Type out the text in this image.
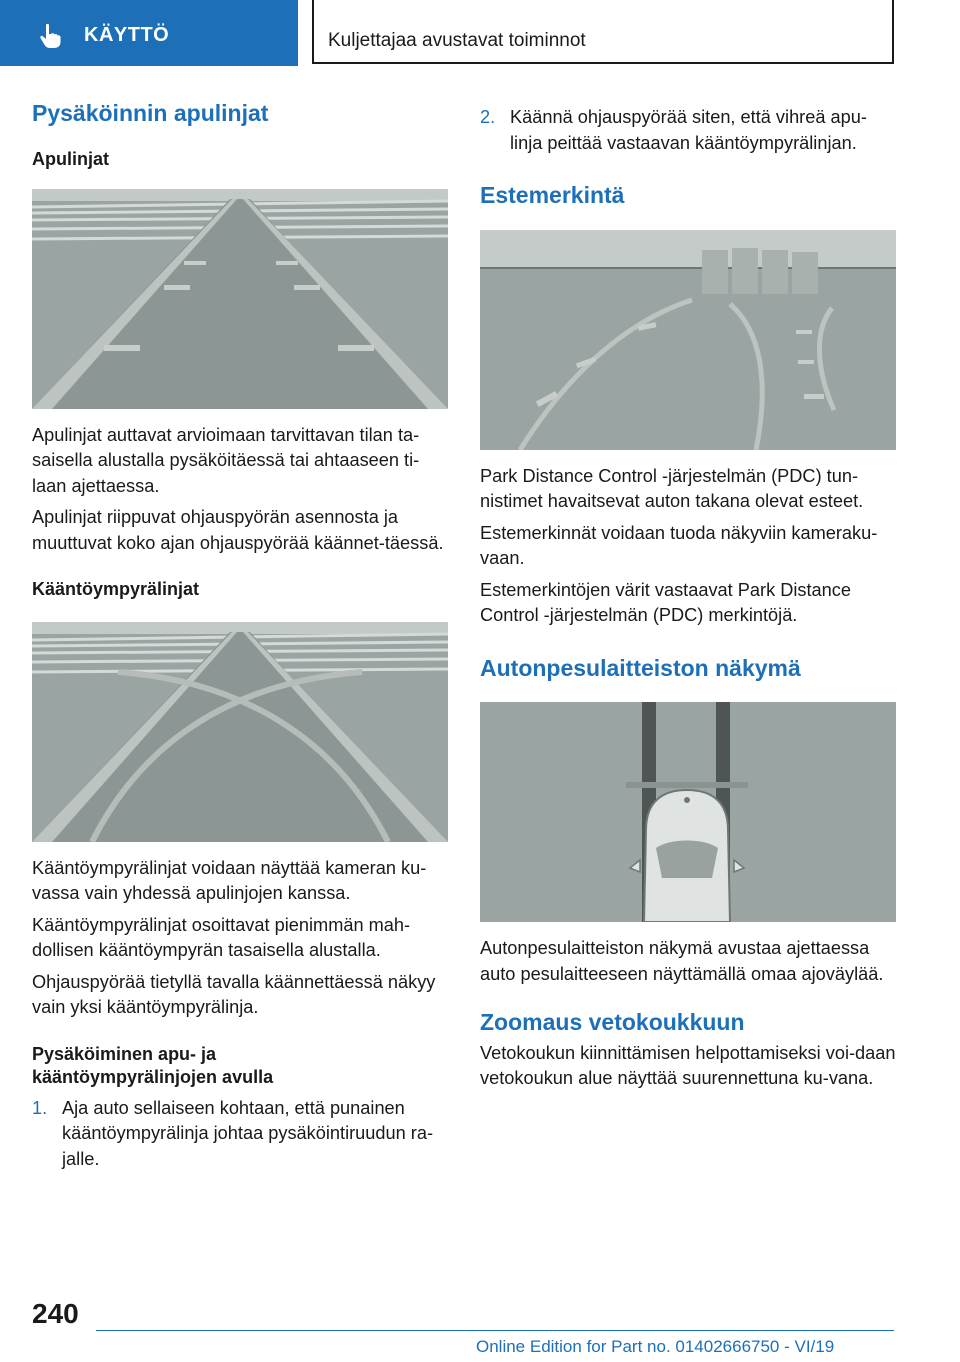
KÄYTTÖ	Kuljettajaa avustavat toiminnot
Pysäköinnin apulinjat
Apulinjat

Apulinjat auttavat arvioimaan tarvittavan tilan ta-saisella alustalla pysäköitäessä tai ahtaaseen ti-laan ajettaessa.

Apulinjat riippuvat ohjauspyörän asennosta ja muuttuvat koko ajan ohjauspyörää käännet-täessä.

Kääntöympyrälinjat

Kääntöympyrälinjat voidaan näyttää kameran ku-vassa vain yhdessä apulinjojen kanssa.

Kääntöympyrälinjat osoittavat pienimmän mah-dollisen kääntöympyrän tasaisella alustalla.

Ohjauspyörää tietyllä tavalla käännettäessä näkyy vain yksi kääntöympyrälinja.

Pysäköiminen apu- ja
kääntöympyrälinjojen avulla
1. Aja auto sellaiseen kohtaan, että punainen kääntöympyrälinja johtaa pysäköintiruudun ra-jalle.
2. Käännä ohjauspyörää siten, että vihreä apu-linja peittää vastaavan kääntöympyrälinjan.
Estemerkintä

Park Distance Control -järjestelmän (PDC) tun-nistimet havaitsevat auton takana olevat esteet.

Estemerkinnät voidaan tuoda näkyviin kameraku-vaan.

Estemerkintöjen värit vastaavat Park Distance Control -järjestelmän (PDC) merkintöjä.

Autonpesulaitteiston näkymä

Autonpesulaitteiston näkymä avustaa ajettaessa auto pesulaitteeseen näyttämällä omaa ajoväylää.

Zoomaus vetokoukkuun

Vetokoukun kiinnittämisen helpottamiseksi voi-daan vetokoukun alue näyttää suurennettuna ku-vana.

240
Online Edition for Part no. 01402666750 - VI/19
